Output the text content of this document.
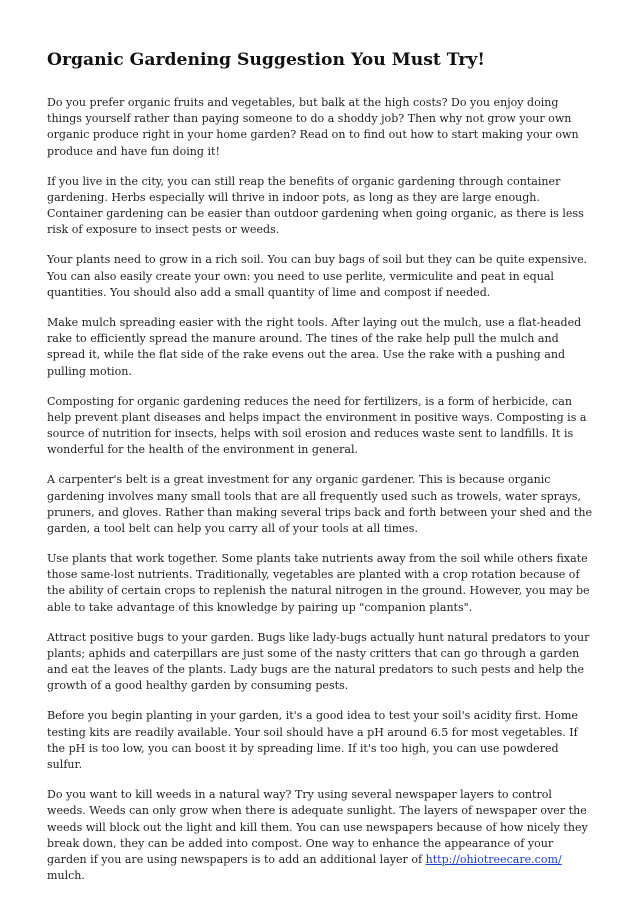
Organic Gardening Suggestion You Must Try!

Do you prefer organic fruits and vegetables, but balk at the high costs? Do you enjoy doing things yourself rather than paying someone to do a shoddy job? Then why not grow your own organic produce right in your home garden? Read on to find out how to start making your own produce and have fun doing it!

If you live in the city, you can still reap the benefits of organic gardening through container gardening. Herbs especially will thrive in indoor pots, as long as they are large enough. Container gardening can be easier than outdoor gardening when going organic, as there is less risk of exposure to insect pests or weeds.

Your plants need to grow in a rich soil. You can buy bags of soil but they can be quite expensive. You can also easily create your own: you need to use perlite, vermiculite and peat in equal quantities. You should also add a small quantity of lime and compost if needed.

Make mulch spreading easier with the right tools. After laying out the mulch, use a flat-headed rake to efficiently spread the manure around. The tines of the rake help pull the mulch and spread it, while the flat side of the rake evens out the area. Use the rake with a pushing and pulling motion.

Composting for organic gardening reduces the need for fertilizers, is a form of herbicide, can help prevent plant diseases and helps impact the environment in positive ways. Composting is a source of nutrition for insects, helps with soil erosion and reduces waste sent to landfills. It is wonderful for the health of the environment in general.

A carpenter's belt is a great investment for any organic gardener. This is because organic gardening involves many small tools that are all frequently used such as trowels, water sprays, pruners, and gloves. Rather than making several trips back and forth between your shed and the garden, a tool belt can help you carry all of your tools at all times.

Use plants that work together. Some plants take nutrients away from the soil while others fixate those same-lost nutrients. Traditionally, vegetables are planted with a crop rotation because of the ability of certain crops to replenish the natural nitrogen in the ground. However, you may be able to take advantage of this knowledge by pairing up "companion plants".

Attract positive bugs to your garden. Bugs like lady-bugs actually hunt natural predators to your plants; aphids and caterpillars are just some of the nasty critters that can go through a garden and eat the leaves of the plants. Lady bugs are the natural predators to such pests and help the growth of a good healthy garden by consuming pests.

Before you begin planting in your garden, it's a good idea to test your soil's acidity first. Home testing kits are readily available. Your soil should have a pH around 6.5 for most vegetables. If the pH is too low, you can boost it by spreading lime. If it's too high, you can use powdered sulfur.

Do you want to kill weeds in a natural way? Try using several newspaper layers to control weeds. Weeds can only grow when there is adequate sunlight. The layers of newspaper over the weeds will block out the light and kill them. You can use newspapers because of how nicely they break down, they can be added into compost. One way to enhance the appearance of your garden if you are using newspapers is to add an additional layer of http://ohiotreecare.com/ mulch.
